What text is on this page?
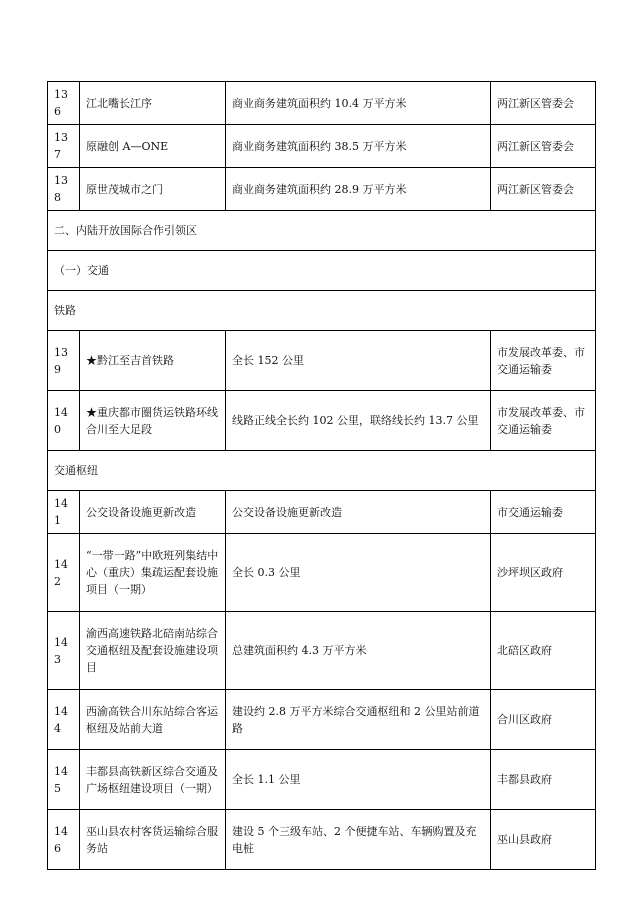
136	江北嘴长江序	商业商务建筑面积约 10.4 万平方米	两江新区管委会
137	原融创 A—ONE	商业商务建筑面积约 38.5 万平方米	两江新区管委会
138	原世茂城市之门	商业商务建筑面积约 28.9 万平方米	两江新区管委会
二、内陆开放国际合作引领区			
（一）交通			
铁路			
139	★黔江至吉首铁路	全长 152 公里	市发展改革委、市交通运输委
140	★重庆都市圈货运铁路环线合川至大足段	线路正线全长约 102 公里，联络线长约 13.7 公里	市发展改革委、市交通运输委
交通枢纽			
141	公交设备设施更新改造	公交设备设施更新改造	市交通运输委
142	“一带一路”中欧班列集结中心（重庆）集疏运配套设施项目（一期）	全长 0.3 公里	沙坪坝区政府
143	渝西高速铁路北碚南站综合交通枢纽及配套设施建设项目	总建筑面积约 4.3 万平方米	北碚区政府
144	西渝高铁合川东站综合客运枢纽及站前大道	建设约 2.8 万平方米综合交通枢纽和 2 公里站前道路	合川区政府
145	丰都县高铁新区综合交通及广场枢纽建设项目（一期）	全长 1.1 公里	丰都县政府
146	巫山县农村客货运输综合服务站	建设 5 个三级车站、2 个便捷车站、车辆购置及充电桩	巫山县政府
